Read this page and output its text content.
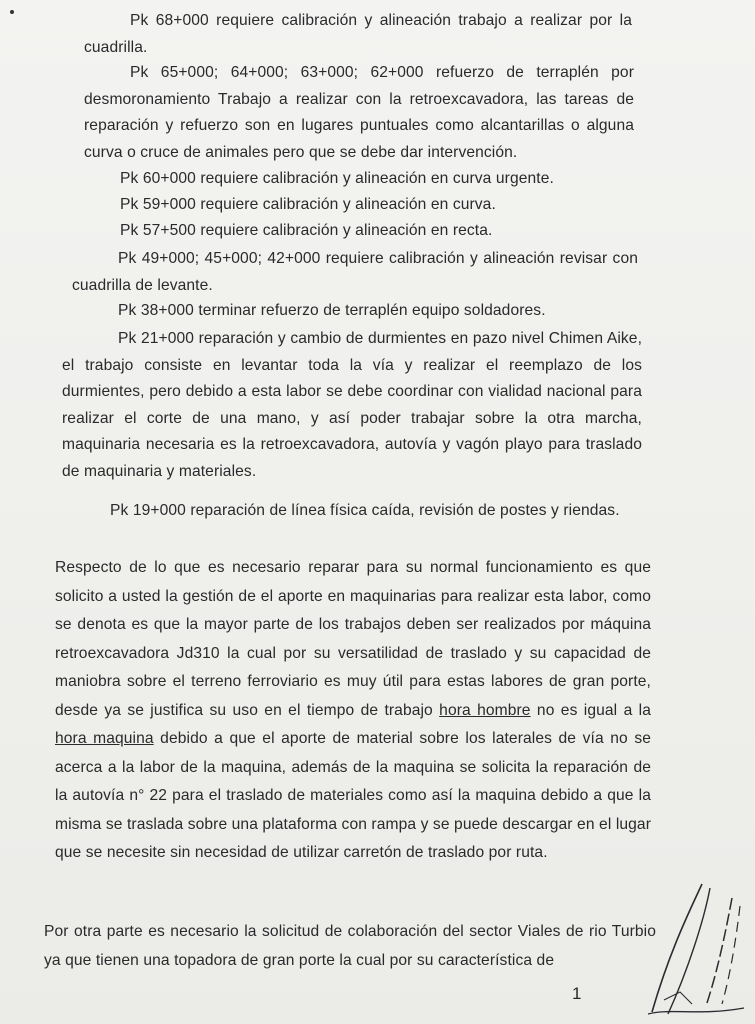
Pk 68+000 requiere calibración y alineación trabajo a realizar por la cuadrilla.

Pk 65+000; 64+000; 63+000; 62+000 refuerzo de terraplén por desmoronamiento Trabajo a realizar con la retroexcavadora, las tareas de reparación y refuerzo son en lugares puntuales como alcantarillas o alguna curva o cruce de animales pero que se debe dar intervención.

Pk 60+000 requiere calibración y alineación en curva urgente.

Pk 59+000 requiere calibración y alineación en curva.

Pk 57+500 requiere calibración y alineación en recta.

Pk 49+000; 45+000; 42+000 requiere calibración y alineación revisar con cuadrilla de levante.

Pk 38+000 terminar refuerzo de terraplén equipo soldadores.

Pk 21+000 reparación y cambio de durmientes en pazo nivel Chimen Aike, el trabajo consiste en levantar toda la vía y realizar el reemplazo de los durmientes, pero debido a esta labor se debe coordinar con vialidad nacional para realizar el corte de una mano, y así poder trabajar sobre la otra marcha, maquinaria necesaria es la retroexcavadora, autovía y vagón playo para traslado de maquinaria y materiales.

Pk 19+000 reparación de línea física caída, revisión de postes y riendas.

Respecto de lo que es necesario reparar para su normal funcionamiento es que solicito a usted la gestión de el aporte en maquinarias para realizar esta labor, como se denota es que la mayor parte de los trabajos deben ser realizados por máquina retroexcavadora Jd310 la cual por su versatilidad de traslado y su capacidad de maniobra sobre el terreno ferroviario es muy útil para estas labores de gran porte, desde ya se justifica su uso en el tiempo de trabajo hora hombre no es igual a la hora maquina debido a que el aporte de material sobre los laterales de vía no se acerca a la labor de la maquina, además de la maquina se solicita la reparación de la autovía n° 22 para el traslado de materiales como así la maquina debido a que la misma se traslada sobre una plataforma con rampa y se puede descargar en el lugar que se necesite sin necesidad de utilizar carretón de traslado por ruta.

Por otra parte es necesario la solicitud de colaboración del sector Viales de rio Turbio ya que tienen una topadora de gran porte la cual por su característica de

1
